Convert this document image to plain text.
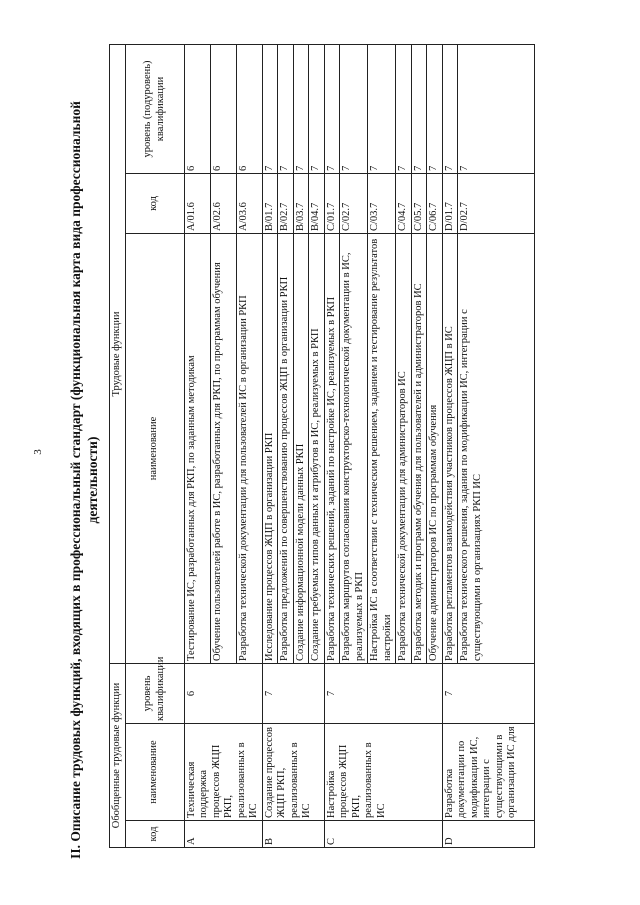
3 II. Описание трудовых функций, входящих в профессиональный стандарт (функциональная карта вида профессиональной деятельности)
Обобщенные трудовые функции			Трудовые функции		
код	наименование	уровень квалификации	наименование	код	уровень (подуровень) квалификации
A	Техническая поддержка процессов ЖЦП РКП, реализованных в ИС	6	Тестирование ИС, разработанных для РКП, по заданным методикам	A/01.6	6
			Обучение пользователей работе в ИС, разработанных для РКП, по программам обучения	A/02.6	6
			Разработка технической документации для пользователей ИС в организации РКП	A/03.6	6
B	Создание процессов ЖЦП РКП, реализованных в ИС	7	Исследование процессов ЖЦП в организации РКП	B/01.7	7
			Разработка предложений по совершенствованию процессов ЖЦП в организации РКП	B/02.7	7
			Создание информационной модели данных РКП	B/03.7	7
			Создание требуемых типов данных и атрибутов в ИС, реализуемых в РКП	B/04.7	7
C	Настройка процессов ЖЦП РКП, реализованных в ИС	7	Разработка технических решений, заданий по настройке ИС, реализуемых в РКП	C/01.7	7
			Разработка маршрутов согласования конструкторско-технологической документации в ИС, реализуемых в РКП	C/02.7	7
			Настройка ИС в соответствии с техническим решением, заданием и тестирование результатов настройки	C/03.7	7
			Разработка технической документации для администраторов ИС	C/04.7	7
			Разработка методик и программ обучения для пользователей и администраторов ИС	C/05.7	7
			Обучение администраторов ИС по программам обучения	C/06.7	7
D	Разработка документации по модификации ИС, интеграции с существующими в организации ИС для	7	Разработка регламентов взаимодействия участников процессов ЖЦП в ИС	D/01.7	7
			Разработка технического решения, задания по модификации ИС, интеграции с существующими в организациях РКП ИС	D/02.7	7
